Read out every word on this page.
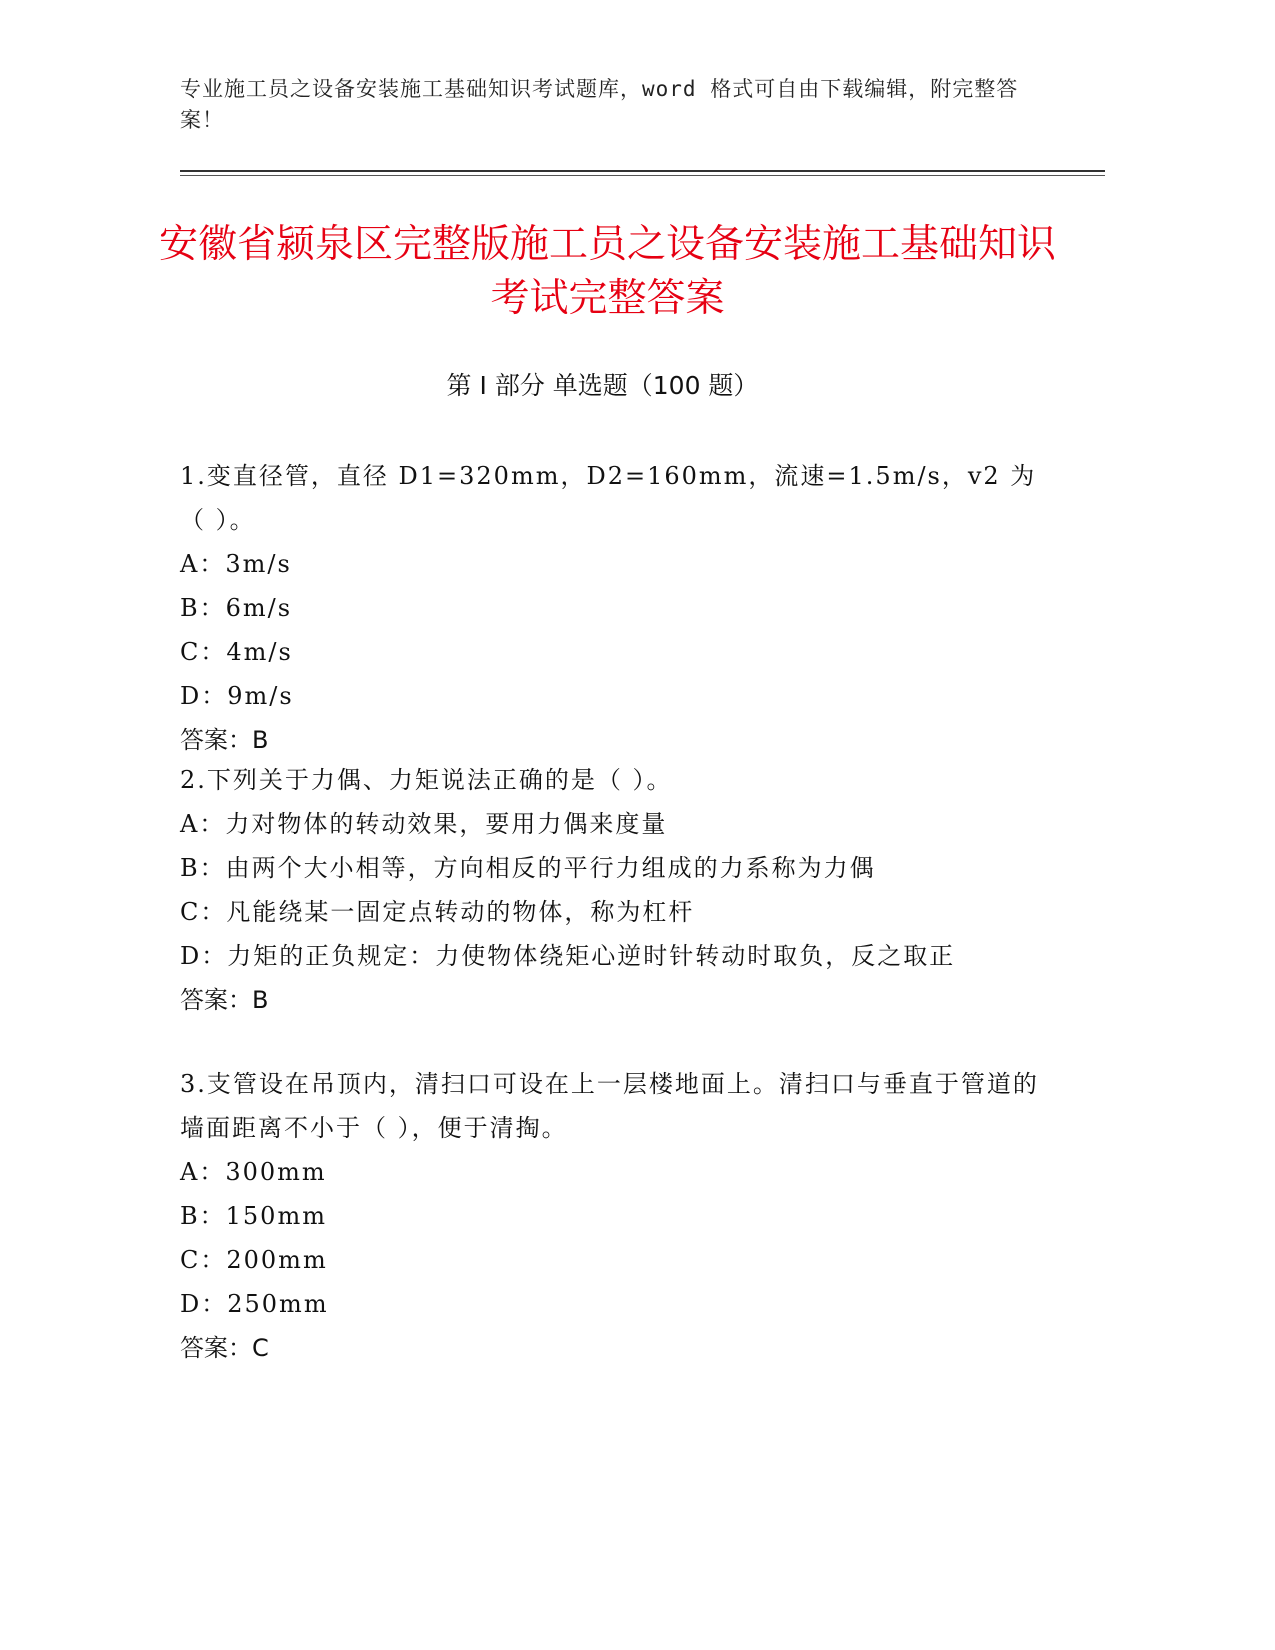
专业施工员之设备安装施工基础知识考试题库，word 格式可自由下载编辑，附完整答案！
安徽省颍泉区完整版施工员之设备安装施工基础知识考试完整答案
第 I 部分 单选题（100 题）
1.变直径管，直径 D1=320mm，D2=160mm，流速=1.5m/s，v2 为（ ）。
A：3m/s
B：6m/s
C：4m/s
D：9m/s
答案：B
2.下列关于力偶、力矩说法正确的是（ ）。
A：力对物体的转动效果，要用力偶来度量
B：由两个大小相等，方向相反的平行力组成的力系称为力偶
C：凡能绕某一固定点转动的物体，称为杠杆
D：力矩的正负规定：力使物体绕矩心逆时针转动时取负，反之取正
答案：B
3.支管设在吊顶内，清扫口可设在上一层楼地面上。清扫口与垂直于管道的墙面距离不小于（ ），便于清掏。
A：300mm
B：150mm
C：200mm
D：250mm
答案：C
